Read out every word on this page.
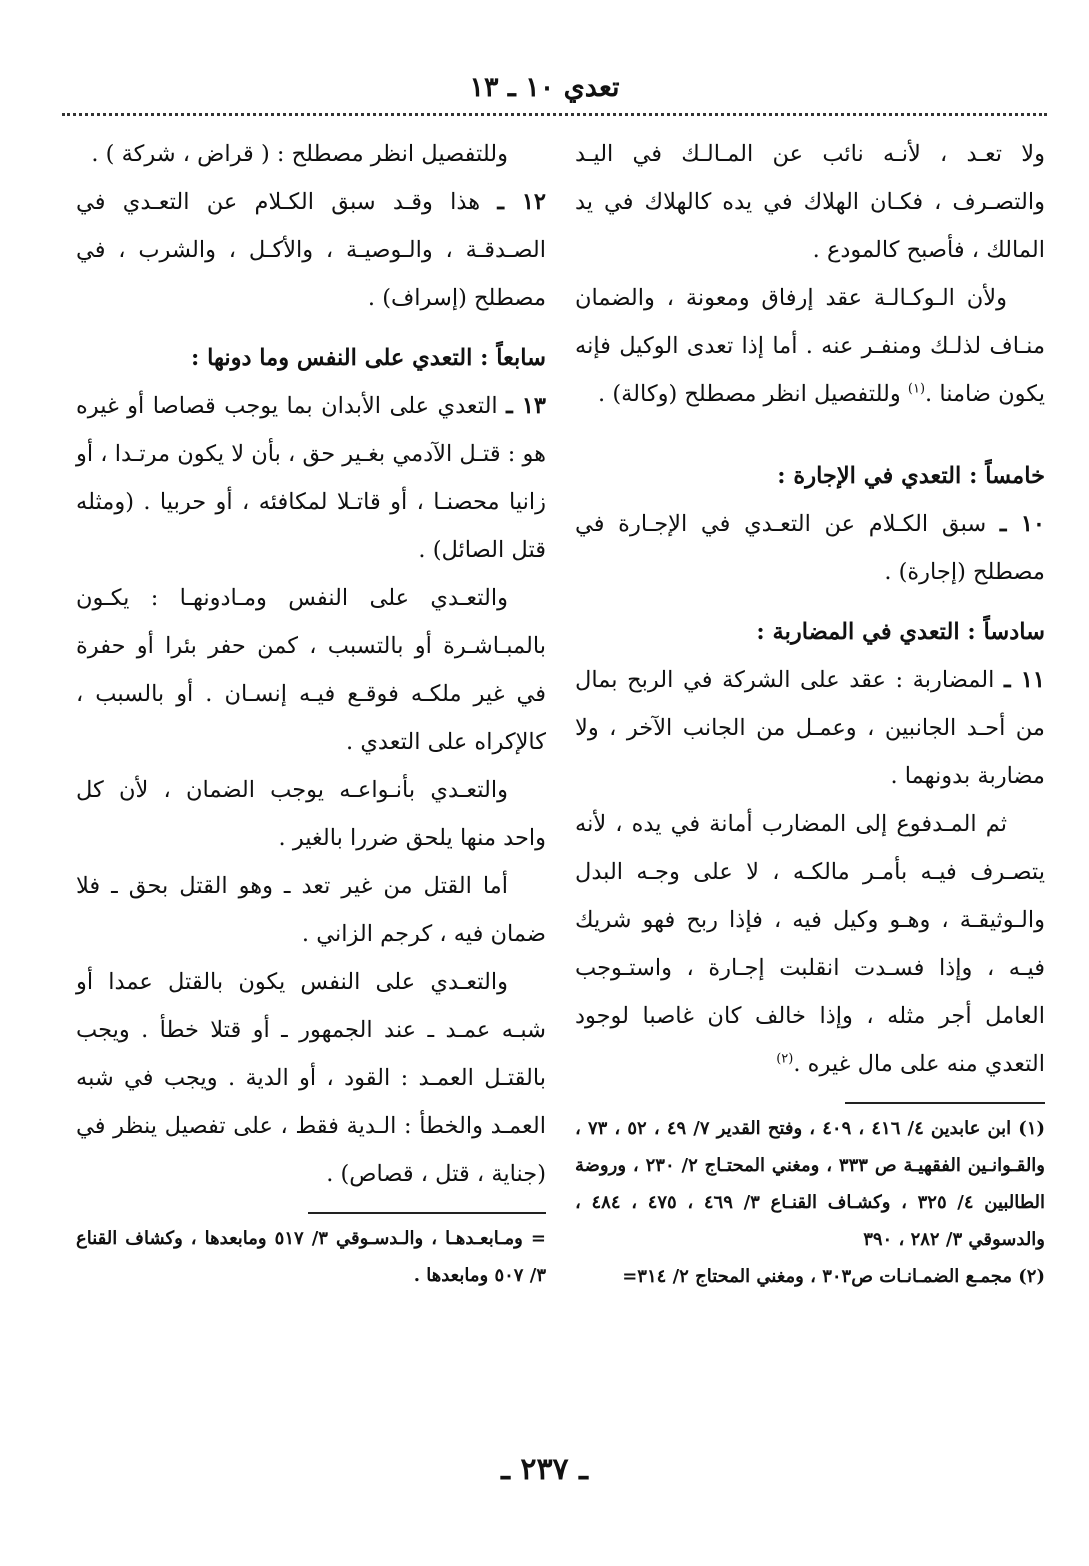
تعدي ١٠ ـ ١٣

ولا تعـد ، لأنـه نائب عن المـالـك في اليـد والتصـرف ، فكـان الهلاك في يده كالهلاك في يد المالك ، فأصبح كالمودع .

ولأن الـوكـالـة عقد إرفاق ومعونة ، والضمان منـاف لذلـك ومنفـر عنه . أما إذا تعدى الوكيل فإنه يكون ضامنا .$^{(١)}$ وللتفصيل انظر مصطلح (وكالة) .

خامساً : التعدي في الإجارة :

١٠ ـ سبق الكـلام عن التعـدي في الإجـارة في مصطلح (إجارة) .

سادساً : التعدي في المضاربة :

١١ ـ المضاربة : عقد على الشركة في الربح بمال من أحـد الجانبين ، وعمـل من الجانب الآخر ، ولا مضاربة بدونهما .

ثم المـدفوع إلى المضارب أمانة في يده ، لأنه يتصـرف فيـه بأمـر مالكـه ، لا على وجـه البدل والـوثيقـة ، وهـو وكيل فيه ، فإذا ربح فهو شريك فيـه ، وإذا فسـدت انقلبت إجـارة ، واستـوجب العامل أجر مثله ، وإذا خالف كان غاصبا لوجود التعدي منه على مال غيره .$^{(٢)}$

(١) ابن عابدين ٤/ ٤١٦ ، ٤٠٩ ، وفتح القدير ٧/ ٤٩ ، ٥٢ ، ٧٣ ، والقـوانـين الفقهيـة ص ٣٣٣ ، ومغني المحتـاج ٢/ ٢٣٠ ، وروضة الطالبين ٤/ ٣٢٥ ، وكشـاف القنـاع ٣/ ٤٦٩ ، ٤٧٥ ، ٤٨٤ ، والدسوقي ٣/ ٢٨٢ ، ٣٩٠

(٢) مجمـع الضمـانـات ص٣٠٣ ، ومغني المحتاج ٢/ ٣١٤=

وللتفصيل انظر مصطلح : ( قراض ، شركة ) .

١٢ ـ هذا وقـد سبق الكـلام عن التعـدي في الصـدقـة ، والـوصيـة ، والأكـل ، والشرب ، في مصطلح (إسراف) .

سابعاً : التعدي على النفس وما دونها :

١٣ ـ التعدي على الأبدان بما يوجب قصاصا أو غيره هو : قتـل الآدمي بغـير حق ، بأن لا يكون مرتـدا ، أو زانيا محصنـا ، أو قاتـلا لمكافئه ، أو حربيا . (ومثله قتل الصائل) .

والتعـدي على النفس ومـادونهـا : يكـون بالمبـاشـرة أو بالتسبب ، كمن حفر بئرا أو حفرة في غير ملكـه فوقـع فيـه إنسـان . أو بالسبب ، كالإكراه على التعدي .

والتعـدي بأنـواعـه يوجب الضمان ، لأن كل واحد منها يلحق ضررا بالغير .

أما القتل من غير تعد ـ وهو القتل بحق ـ فلا ضمان فيه ، كرجم الزاني .

والتعـدي على النفس يكون بالقتل عمدا أو شبـه عمـد ـ عند الجمهور ـ أو قتلا خطأ . ويجب بالقتـل العمـد : القود ، أو الدية . ويجب في شبه العمـد والخطأ : الـدية فقط ، على تفصيل ينظر في (جناية ، قتل ، قصاص) .

= ومـابعـدهـا ، والـدسـوقي ٣/ ٥١٧ ومابعدها ، وكشاف القناع ٣/ ٥٠٧ ومابعدها .

ـ ٢٣٧ ـ
